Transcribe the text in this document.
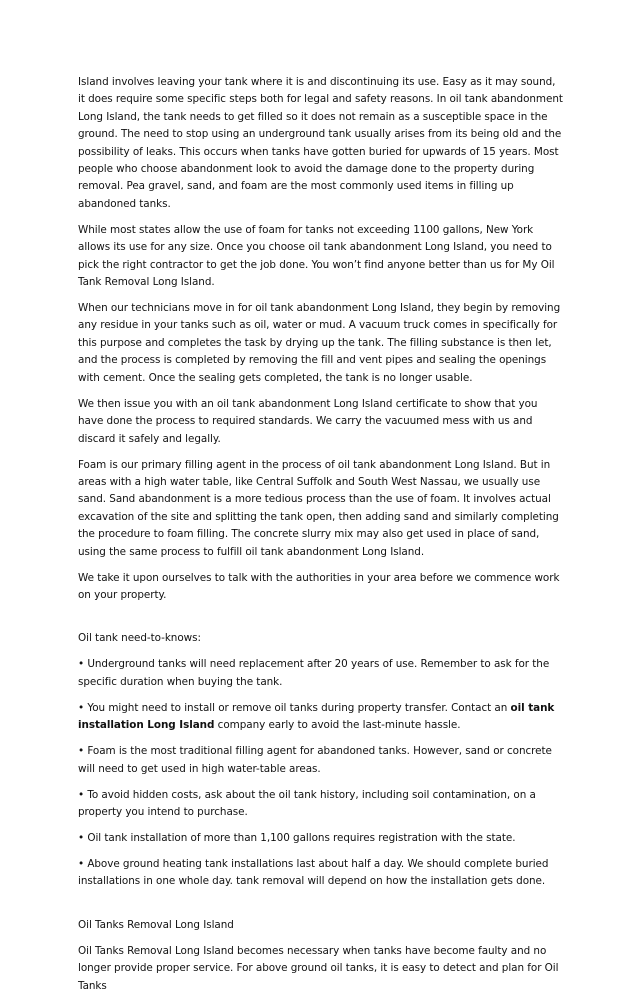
Island involves leaving your tank where it is and discontinuing its use. Easy as it may sound, it does require some specific steps both for legal and safety reasons. In oil tank abandonment Long Island, the tank needs to get filled so it does not remain as a susceptible space in the ground. The need to stop using an underground tank usually arises from its being old and the possibility of leaks. This occurs when tanks have gotten buried for upwards of 15 years. Most people who choose abandonment look to avoid the damage done to the property during removal. Pea gravel, sand, and foam are the most commonly used items in filling up abandoned tanks.

While most states allow the use of foam for tanks not exceeding 1100 gallons, New York allows its use for any size. Once you choose oil tank abandonment Long Island, you need to pick the right contractor to get the job done. You won’t find anyone better than us for My Oil Tank Removal Long Island.

When our technicians move in for oil tank abandonment Long Island, they begin by removing any residue in your tanks such as oil, water or mud. A vacuum truck comes in specifically for this purpose and completes the task by drying up the tank. The filling substance is then let, and the process is completed by removing the fill and vent pipes and sealing the openings with cement. Once the sealing gets completed, the tank is no longer usable.

We then issue you with an oil tank abandonment Long Island certificate to show that you have done the process to required standards. We carry the vacuumed mess with us and discard it safely and legally.

Foam is our primary filling agent in the process of oil tank abandonment Long Island. But in areas with a high water table, like Central Suffolk and South West Nassau, we usually use sand. Sand abandonment is a more tedious process than the use of foam. It involves actual excavation of the site and splitting the tank open, then adding sand and similarly completing the procedure to foam filling. The concrete slurry mix may also get used in place of sand, using the same process to fulfill oil tank abandonment Long Island.

We take it upon ourselves to talk with the authorities in your area before we commence work on your property.

Oil tank need-to-knows:

• Underground tanks will need replacement after 20 years of use. Remember to ask for the specific duration when buying the tank.

• You might need to install or remove oil tanks during property transfer. Contact an oil tank installation Long Island company early to avoid the last-minute hassle.

• Foam is the most traditional filling agent for abandoned tanks. However, sand or concrete will need to get used in high water-table areas.

• To avoid hidden costs, ask about the oil tank history, including soil contamination, on a property you intend to purchase.

• Oil tank installation of more than 1,100 gallons requires registration with the state.

• Above ground heating tank installations last about half a day. We should complete buried installations in one whole day. tank removal will depend on how the installation gets done.

Oil Tanks Removal Long Island

Oil Tanks Removal Long Island becomes necessary when tanks have become faulty and no longer provide proper service. For above ground oil tanks, it is easy to detect and plan for Oil Tanks
